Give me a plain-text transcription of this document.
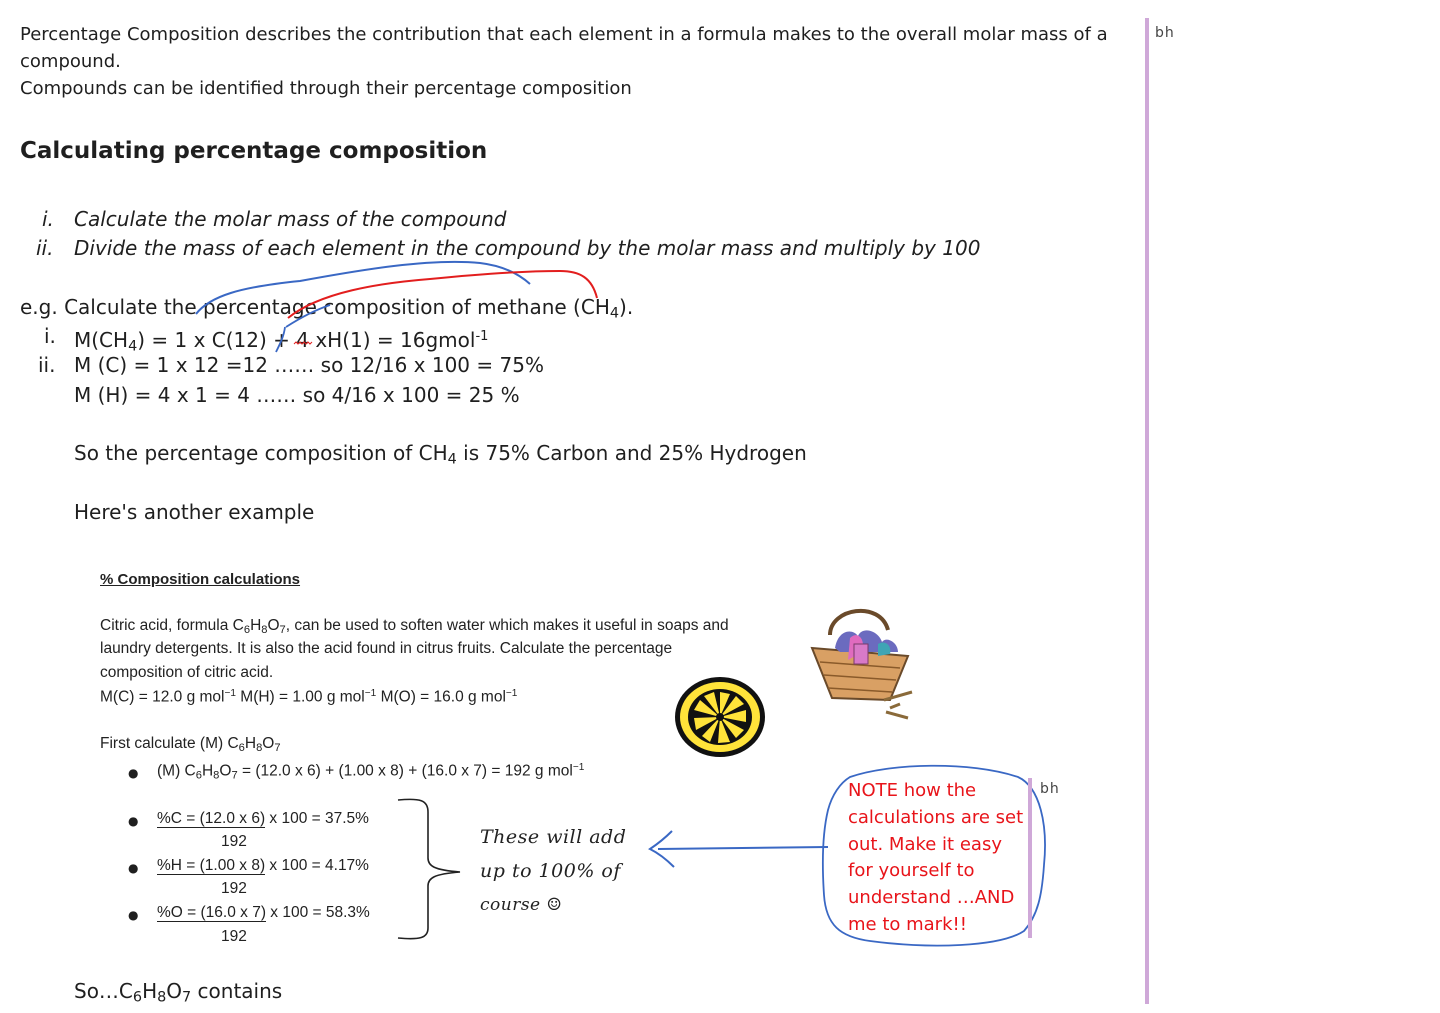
Percentage Composition describes the contribution that each element in a formula makes to the overall molar mass of a
compound.
Compounds can be identified through their percentage composition
Calculating percentage composition
i. Calculate the molar mass of the compound
ii. Divide the mass of each element in the compound by the molar mass and multiply by 100
e.g. Calculate the percentage composition of methane $(CH_4)$.
i. $M(CH_4) = 1$ x C(12) + 4 xH(1) = 16gmol$^{-1}$
ii. M (C) = 1 x 12 =12 …… so 12/16 x 100 = 75%
M (H) = 4 x 1 = 4 …… so 4/16 x 100 = 25 %
So the percentage composition of $CH_4$ is 75% Carbon and 25% Hydrogen
Here's another example
% Composition calculations
Citric acid, formula $C_6H_8O_7$, can be used to soften water which makes it useful in soaps and
laundry detergents. It is also the acid found in citrus fruits. Calculate the percentage
composition of citric acid.
M(C) = 12.0 g mol$^{-1}$ M(H) = 1.00 g mol$^{-1}$ M(O) = 16.0 g mol$^{-1}$
First calculate (M) $C_6H_8O_7$
● (M) $C_6H_8O_7 = (12.0$ x 6) + (1.00 x 8) + (16.0 x 7) = 192 g mol$^{-1}$
● %C = (12.0 x 6) x 100 = 37.5%
192
● %H = (1.00 x 8) x 100 = 4.17%
192
● %O = (16.0 x 7) x 100 = 58.3%
192
These will add
up to 100% of
course ☺
NOTE how the
calculations are set
out. Make it easy
for yourself to
understand …AND
me to mark!!
bh
bh
$So\dots C_6H_8O_7$ contains
